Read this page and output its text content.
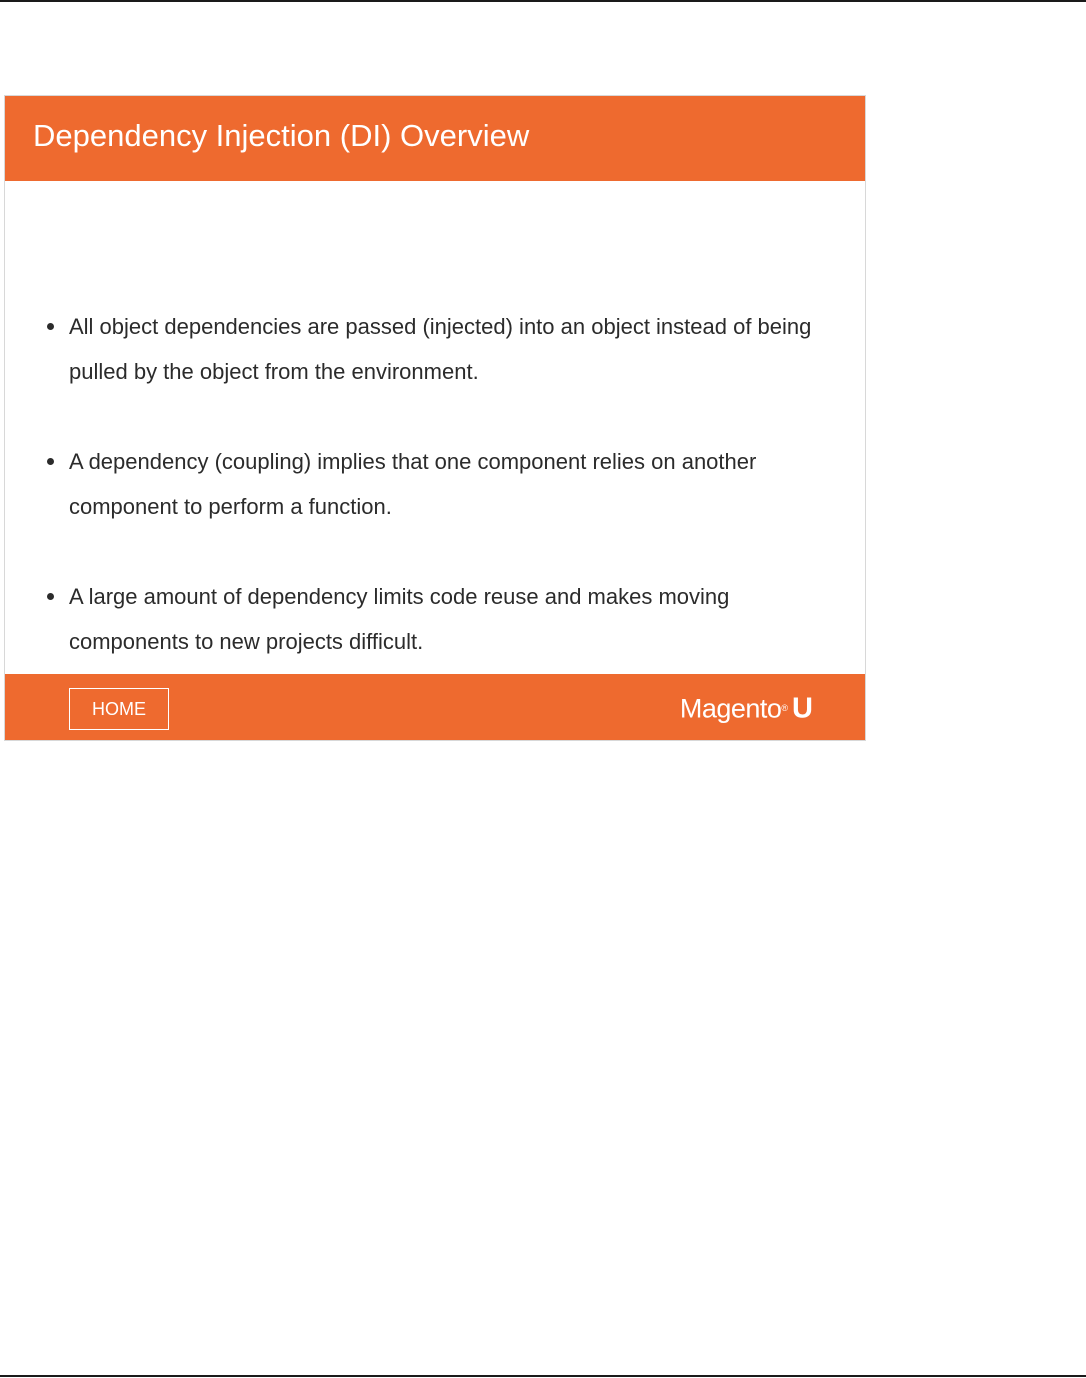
Dependency Injection (DI) Overview
All object dependencies are passed (injected) into an object instead of being pulled by the object from the environment.
A dependency (coupling) implies that one component relies on another component to perform a function.
A large amount of dependency limits code reuse and makes moving components to new projects difficult.
HOME	Magento® U
